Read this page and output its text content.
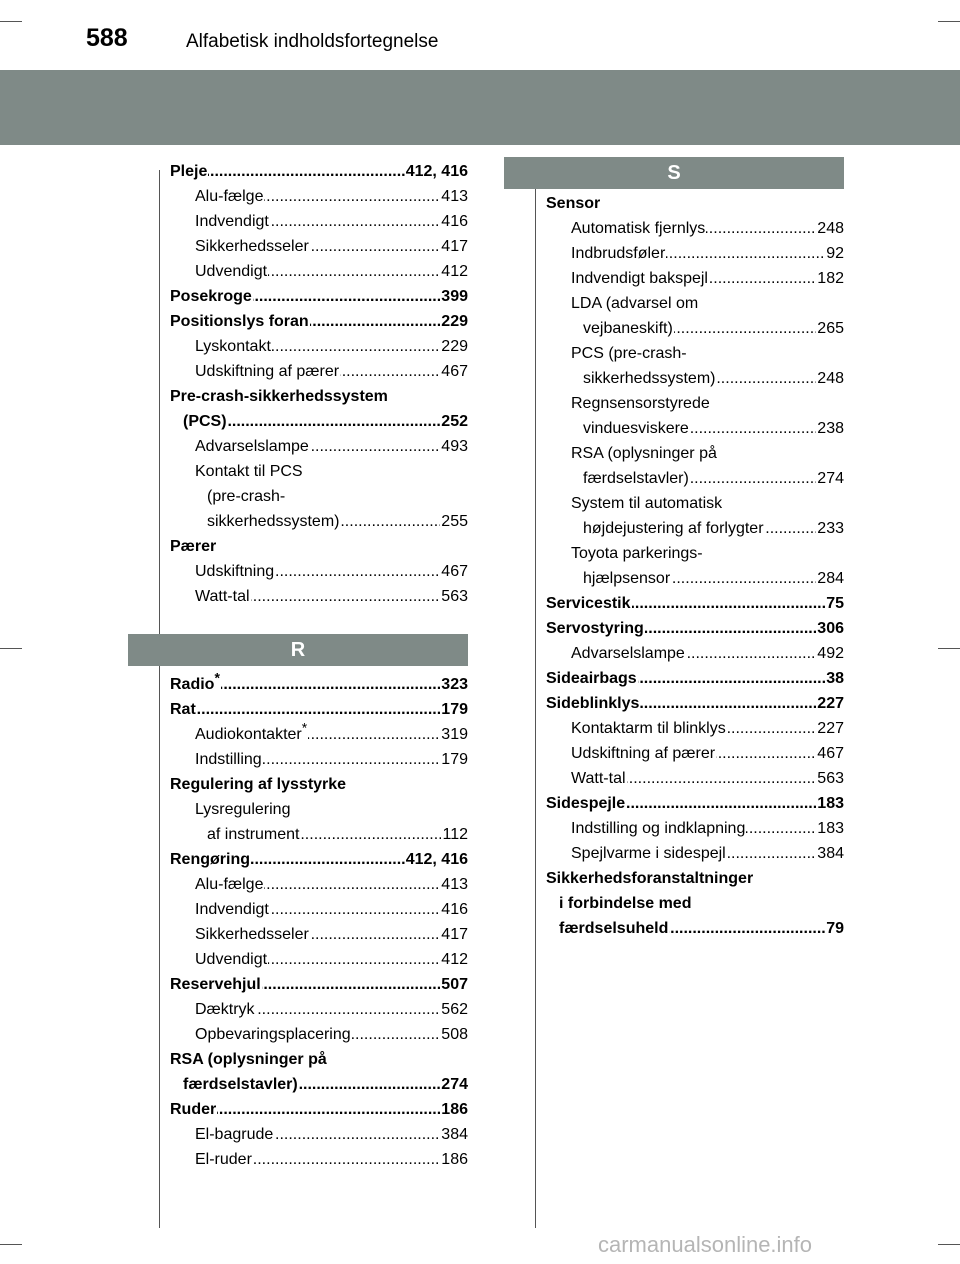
588	Alfabetisk indholdsfortegnelse
..... Pleje	412, 416
..... Alu-fælge	413
..... Indvendigt	416
..... Sikkerhedsseler	417
..... Udvendigt	412
..... Posekroge	399
..... Positionslys foran	229
..... Lyskontakt	229
..... Udskiftning af pærer	467
Pre-crash-sikkerhedssystem
..... (PCS)	252
..... Advarselslampe	493
Kontakt til PCS
(pre-crash-
..... sikkerhedssystem)	255
Pærer
..... Udskiftning	467
..... Watt-tal	563
R
..... Radio*	323
..... Rat	179
..... Audiokontakter*	319
..... Indstilling	179
Regulering af lysstyrke
Lysregulering
..... af instrument	112
..... Rengøring	412, 416
..... Alu-fælge	413
..... Indvendigt	416
..... Sikkerhedsseler	417
..... Udvendigt	412
..... Reservehjul	507
..... Dæktryk	562
..... Opbevaringsplacering	508
RSA (oplysninger på
..... færdselstavler)	274
..... Ruder	186
..... El-bagrude	384
..... El-ruder	186
S
Sensor
..... Automatisk fjernlys	248
..... Indbrudsføler	92
..... Indvendigt bakspejl	182
LDA (advarsel om
..... vejbaneskift)	265
PCS (pre-crash-
..... sikkerhedssystem)	248
Regnsensorstyrede
..... vinduesviskere	238
RSA (oplysninger på
..... færdselstavler)	274
System til automatisk
..... højdejustering af forlygter	233
Toyota parkerings-
..... hjælpsensor	284
..... Servicestik	75
..... Servostyring	306
..... Advarselslampe	492
..... Sideairbags	38
..... Sideblinklys	227
..... Kontaktarm til blinklys	227
..... Udskiftning af pærer	467
..... Watt-tal	563
..... Sidespejle	183
..... Indstilling og indklapning	183
..... Spejlvarme i sidespejl	384
Sikkerhedsforanstaltninger
i forbindelse med
..... færdselsuheld	79
carmanualsonline.info
